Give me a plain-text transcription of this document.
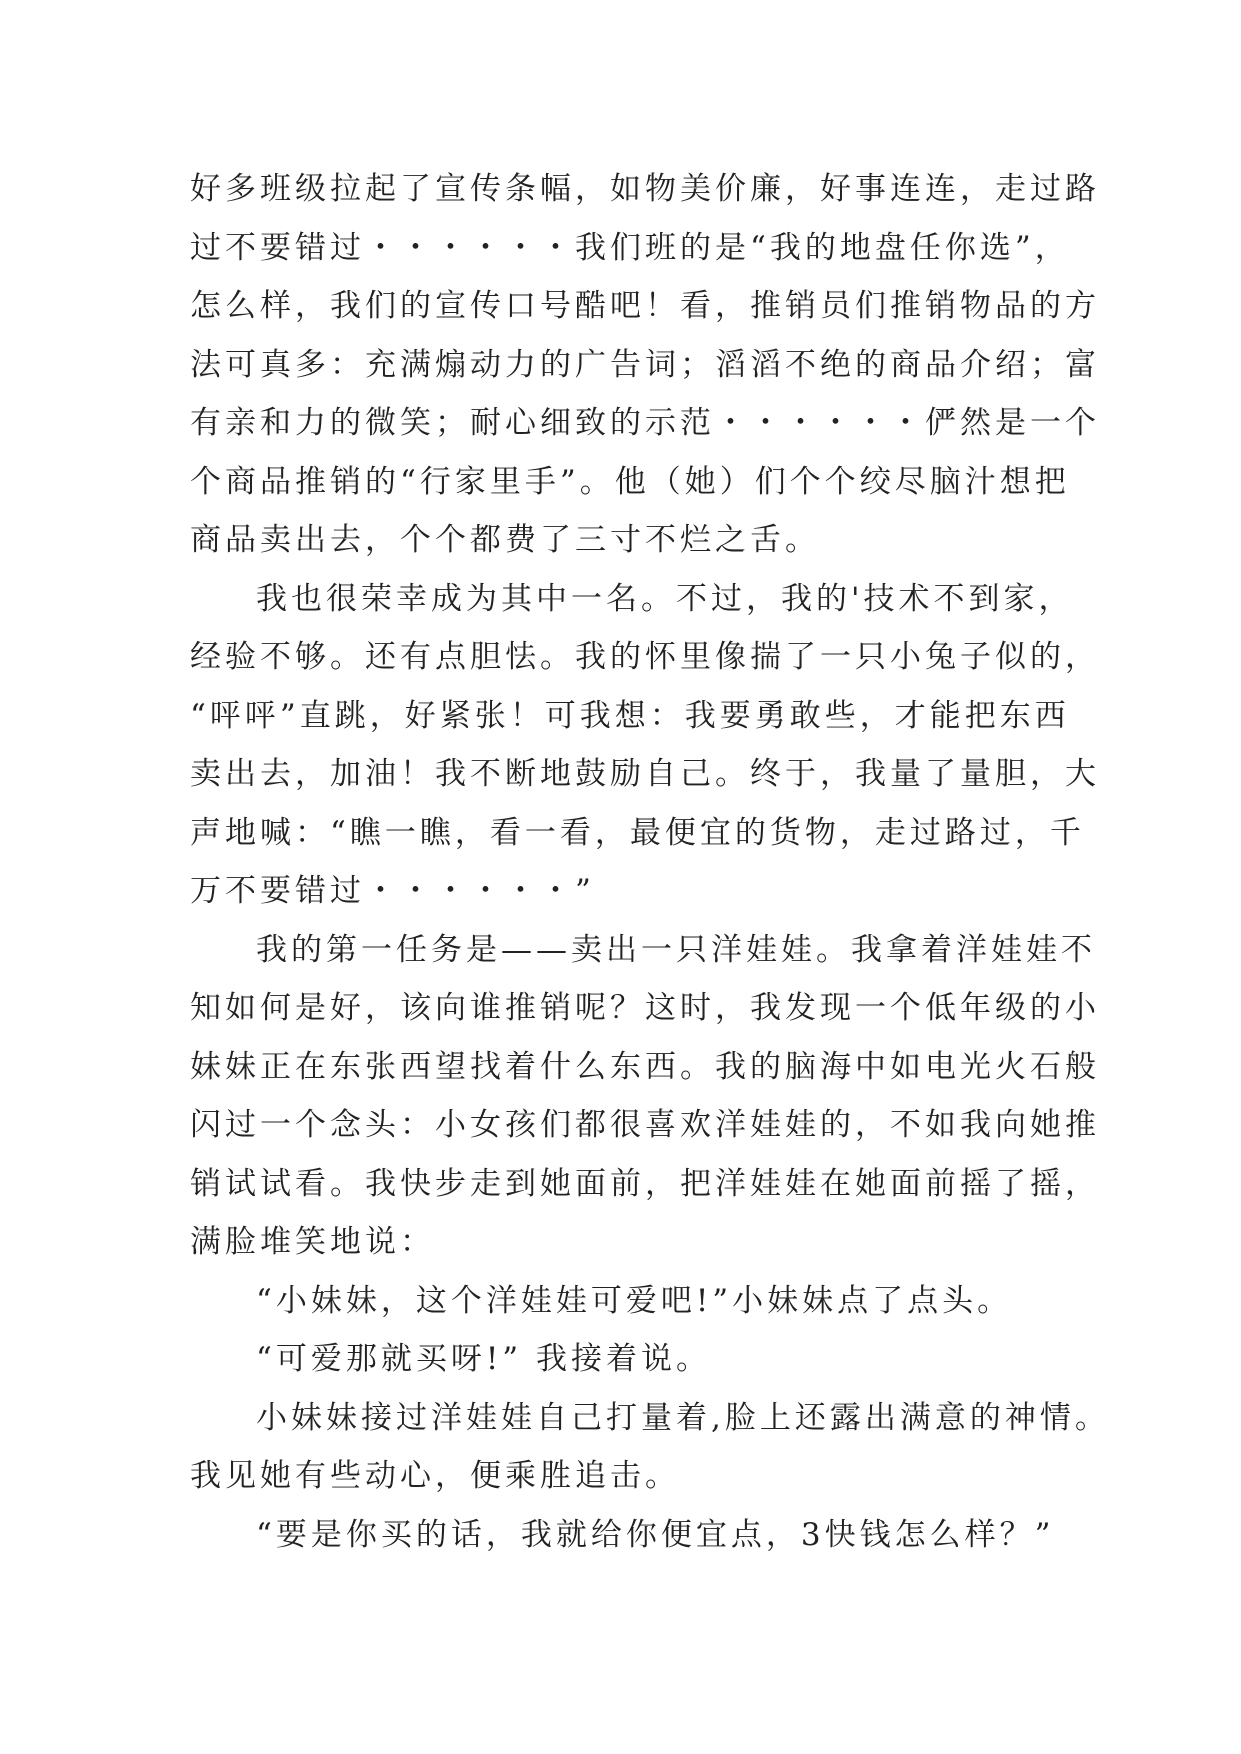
好多班级拉起了宣传条幅，如物美价廉，好事连连，走过路
过不要错过・・・・・・我们班的是“我的地盘任你选”，
怎么样，我们的宣传口号酷吧！看，推销员们推销物品的方
法可真多：充满煽动力的广告词；滔滔不绝的商品介绍；富
有亲和力的微笑；耐心细致的示范・・・・・・俨然是一个
个商品推销的“行家里手”。他（她）们个个绞尽脑汁想把
商品卖出去，个个都费了三寸不烂之舌。
我也很荣幸成为其中一名。不过，我的'技术不到家，
经验不够。还有点胆怯。我的怀里像揣了一只小兔子似的，
“呯呯”直跳，好紧张！可我想：我要勇敢些，才能把东西
卖出去，加油！我不断地鼓励自己。终于，我量了量胆，大
声地喊：“瞧一瞧，看一看，最便宜的货物，走过路过，千
万不要错过・・・・・・”
我的第一任务是——卖出一只洋娃娃。我拿着洋娃娃不
知如何是好，该向谁推销呢？这时，我发现一个低年级的小
妹妹正在东张西望找着什么东西。我的脑海中如电光火石般
闪过一个念头：小女孩们都很喜欢洋娃娃的，不如我向她推
销试试看。我快步走到她面前，把洋娃娃在她面前摇了摇，
满脸堆笑地说：
“小妹妹，这个洋娃娃可爱吧!”小妹妹点了点头。
“可爱那就买呀!” 我接着说。
小妹妹接过洋娃娃自己打量着,脸上还露出满意的神情。
我见她有些动心，便乘胜追击。
“要是你买的话，我就给你便宜点，3快钱怎么样？”
